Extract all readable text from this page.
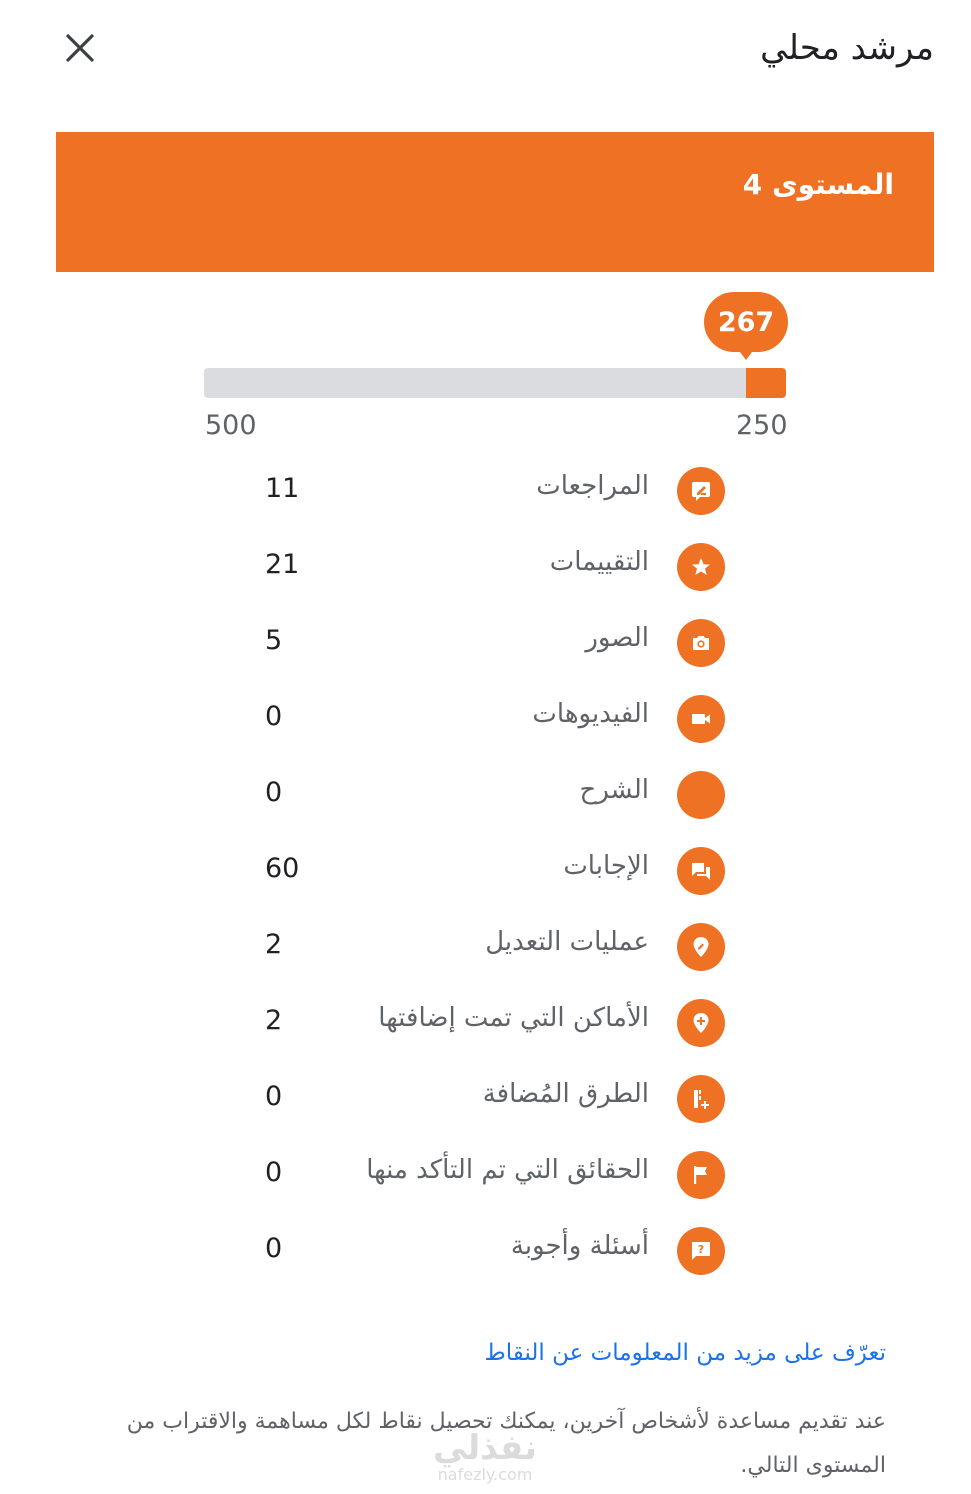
مرشد محلي
المستوى 4
267
500	250
المراجعات
11
التقييمات
21
الصور
5
الفيديوهات
0
الشرح
0
الإجابات
60
عمليات التعديل
2
الأماكن التي تمت إضافتها
2
الطرق المُضافة
0
الحقائق التي تم التأكد منها
0
?
أسئلة وأجوبة
0
تعرّف على مزيد من المعلومات عن النقاط
عند تقديم مساعدة لأشخاص آخرين، يمكنك تحصيل نقاط لكل مساهمة والاقتراب من المستوى التالي.
نفذلي
nafezly.com
